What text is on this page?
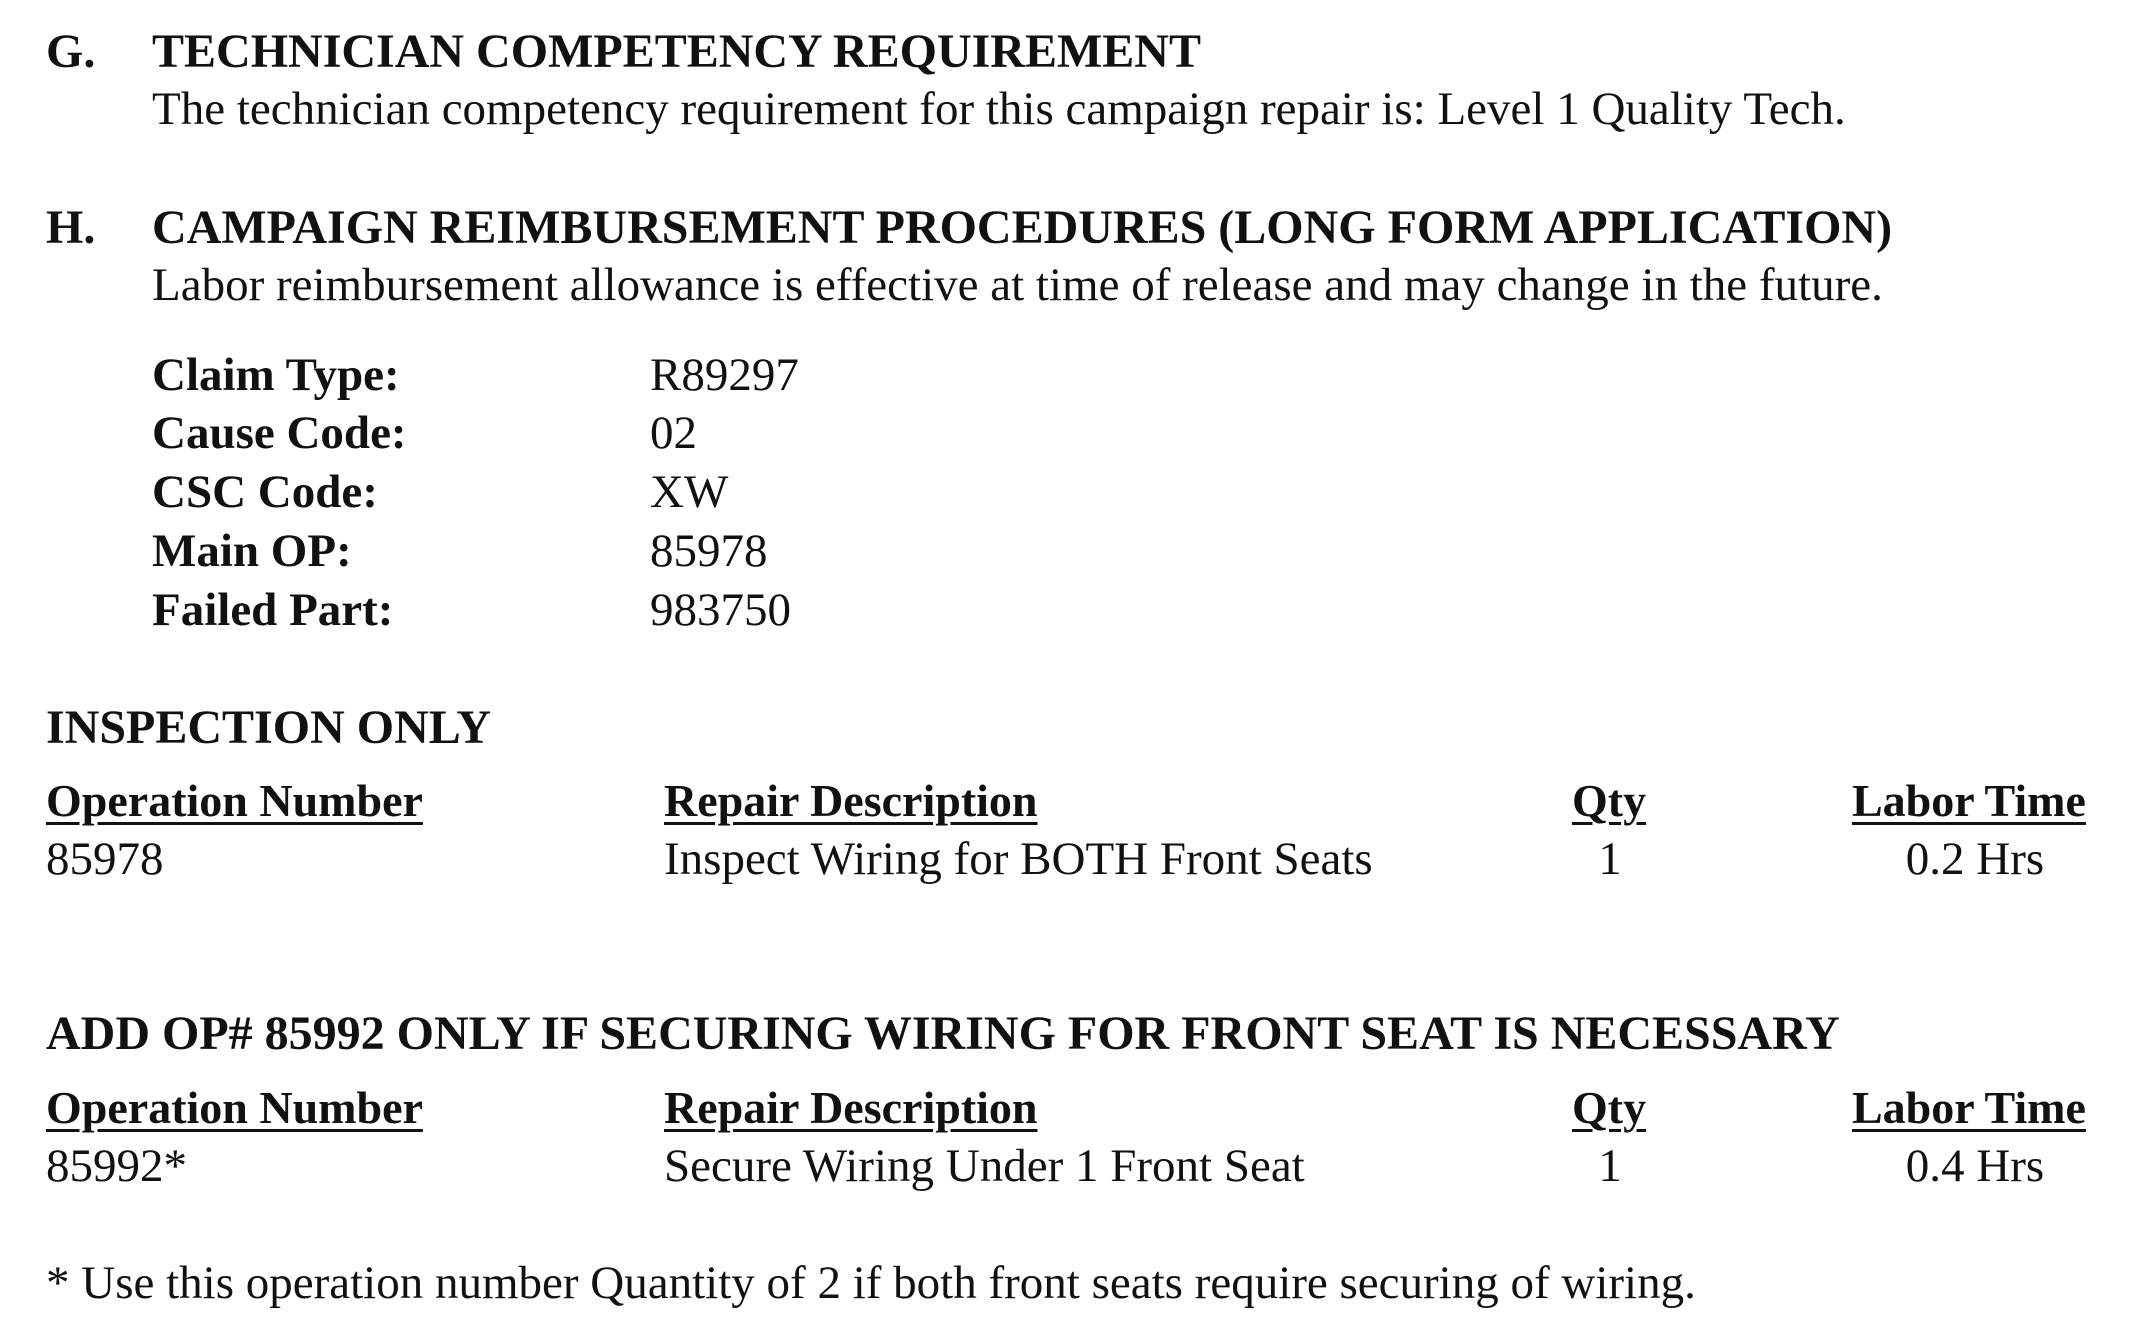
G. TECHNICIAN COMPETENCY REQUIREMENT
The technician competency requirement for this campaign repair is: Level 1 Quality Tech.
H. CAMPAIGN REIMBURSEMENT PROCEDURES (LONG FORM APPLICATION)
Labor reimbursement allowance is effective at time of release and may change in the future.
Claim Type:	R89297
Cause Code:	02
CSC Code:	XW
Main OP:	85978
Failed Part:	983750
INSPECTION ONLY
Operation Number	Repair Description	Qty	Labor Time
85978	Inspect Wiring for BOTH Front Seats	1	0.2 Hrs
ADD OP# 85992 ONLY IF SECURING WIRING FOR FRONT SEAT IS NECESSARY
Operation Number	Repair Description	Qty	Labor Time
85992*	Secure Wiring Under 1 Front Seat	1	0.4 Hrs
* Use this operation number Quantity of 2 if both front seats require securing of wiring.
